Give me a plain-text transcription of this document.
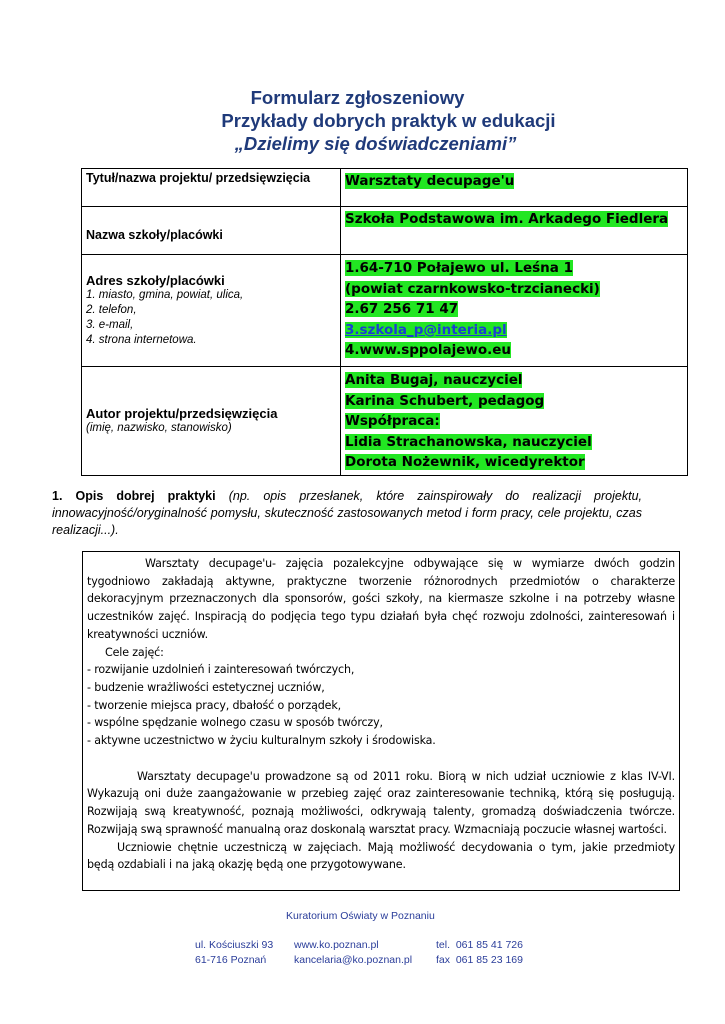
Formularz zgłoszeniowy
Przykłady dobrych praktyk w edukacji
„Dzielimy się doświadczeniami”
Tytuł/nazwa projektu/ przedsięwzięcia	Warsztaty decupage'u
Nazwa szkoły/placówki	Szkoła Podstawowa im. Arkadego Fiedlera
Adres szkoły/placówki
1. miasto, gmina, powiat, ulica,
2. telefon,
3. e-mail,
4. strona internetowa.	1.64-710 Połajewo ul. Leśna 1
(powiat czarnkowsko-trzcianecki)
2.67 256 71 47
3.szkola_p@interia.pl
4.www.sppolajewo.eu
Autor projektu/przedsięwzięcia
(imię, nazwisko, stanowisko)	Anita Bugaj, nauczyciel
Karina Schubert, pedagog
Współpraca:
Lidia Strachanowska, nauczyciel
Dorota Nożewnik, wicedyrektor
1. Opis dobrej praktyki (np. opis przesłanek, które zainspirowały do realizacji projektu, innowacyjność/oryginalność pomysłu, skuteczność zastosowanych metod i form pracy, cele projektu, czas realizacji...).

Warsztaty decupage'u- zajęcia pozalekcyjne odbywające się w wymiarze dwóch godzin tygodniowo zakładają aktywne, praktyczne tworzenie różnorodnych przedmiotów o charakterze dekoracyjnym przeznaczonych dla sponsorów, gości szkoły, na kiermasze szkolne i na potrzeby własne uczestników zajęć. Inspiracją do podjęcia tego typu działań była chęć rozwoju zdolności, zainteresowań i kreatywności uczniów.

Cele zajęć:

- rozwijanie uzdolnień i zainteresowań twórczych,

- budzenie wrażliwości estetycznej uczniów,

- tworzenie miejsca pracy, dbałość o porządek,

- wspólne spędzanie wolnego czasu w sposób twórczy,

- aktywne uczestnictwo w życiu kulturalnym szkoły i środowiska.

Warsztaty decupage'u prowadzone są od 2011 roku. Biorą w nich udział uczniowie z klas IV-VI. Wykazują oni duże zaangażowanie w przebieg zajęć oraz zainteresowanie techniką, którą się posługują. Rozwijają swą kreatywność, poznają możliwości, odkrywają talenty, gromadzą doświadczenia twórcze. Rozwijają swą sprawność manualną oraz doskonalą warsztat pracy. Wzmacniają poczucie własnej wartości.

Uczniowie chętnie uczestniczą w zajęciach. Mają możliwość decydowania o tym, jakie przedmioty będą ozdabiali i na jaką okazję będą one przygotowywane.

Kuratorium Oświaty w Poznaniu
ul. Kościuszki 93
61-716 Poznań
www.ko.poznan.pl
kancelaria@ko.poznan.pl
tel.  061 85 41 726
fax  061 85 23 169
